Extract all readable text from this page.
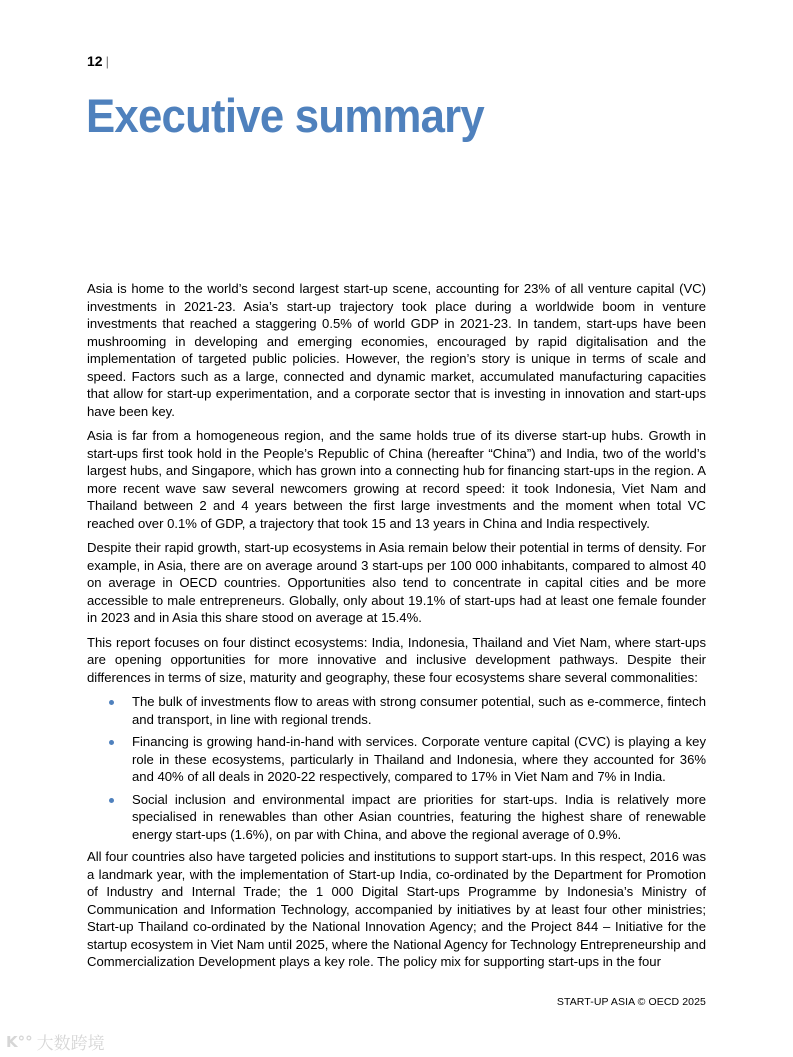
12 |
Executive summary

Asia is home to the world’s second largest start-up scene, accounting for 23% of all venture capital (VC) investments in 2021-23. Asia’s start-up trajectory took place during a worldwide boom in venture investments that reached a staggering 0.5% of world GDP in 2021-23. In tandem, start-ups have been mushrooming in developing and emerging economies, encouraged by rapid digitalisation and the implementation of targeted public policies. However, the region’s story is unique in terms of scale and speed. Factors such as a large, connected and dynamic market, accumulated manufacturing capacities that allow for start-up experimentation, and a corporate sector that is investing in innovation and start-ups have been key.

Asia is far from a homogeneous region, and the same holds true of its diverse start-up hubs. Growth in start-ups first took hold in the People’s Republic of China (hereafter “China”) and India, two of the world’s largest hubs, and Singapore, which has grown into a connecting hub for financing start-ups in the region. A more recent wave saw several newcomers growing at record speed: it took Indonesia, Viet Nam and Thailand between 2 and 4 years between the first large investments and the moment when total VC reached over 0.1% of GDP, a trajectory that took 15 and 13 years in China and India respectively.

Despite their rapid growth, start-up ecosystems in Asia remain below their potential in terms of density. For example, in Asia, there are on average around 3 start-ups per 100 000 inhabitants, compared to almost 40 on average in OECD countries. Opportunities also tend to concentrate in capital cities and be more accessible to male entrepreneurs. Globally, only about 19.1% of start-ups had at least one female founder in 2023 and in Asia this share stood on average at 15.4%.

This report focuses on four distinct ecosystems: India, Indonesia, Thailand and Viet Nam, where start-ups are opening opportunities for more innovative and inclusive development pathways. Despite their differences in terms of size, maturity and geography, these four ecosystems share several commonalities:

The bulk of investments flow to areas with strong consumer potential, such as e-commerce, fintech and transport, in line with regional trends.
Financing is growing hand-in-hand with services. Corporate venture capital (CVC) is playing a key role in these ecosystems, particularly in Thailand and Indonesia, where they accounted for 36% and 40% of all deals in 2020-22 respectively, compared to 17% in Viet Nam and 7% in India.
Social inclusion and environmental impact are priorities for start-ups. India is relatively more specialised in renewables than other Asian countries, featuring the highest share of renewable energy start-ups (1.6%), on par with China, and above the regional average of 0.9%.

All four countries also have targeted policies and institutions to support start-ups. In this respect, 2016 was a landmark year, with the implementation of Start-up India, co-ordinated by the Department for Promotion of Industry and Internal Trade; the 1 000 Digital Start-ups Programme by Indonesia’s Ministry of Communication and Information Technology, accompanied by initiatives by at least four other ministries; Start-up Thailand co-ordinated by the National Innovation Agency; and the Project 844 – Initiative for the startup ecosystem in Viet Nam until 2025, where the National Agency for Technology Entrepreneurship and Commercialization Development plays a key role. The policy mix for supporting start-ups in the four

START-UP ASIA © OECD 2025
K°° 大数跨境
